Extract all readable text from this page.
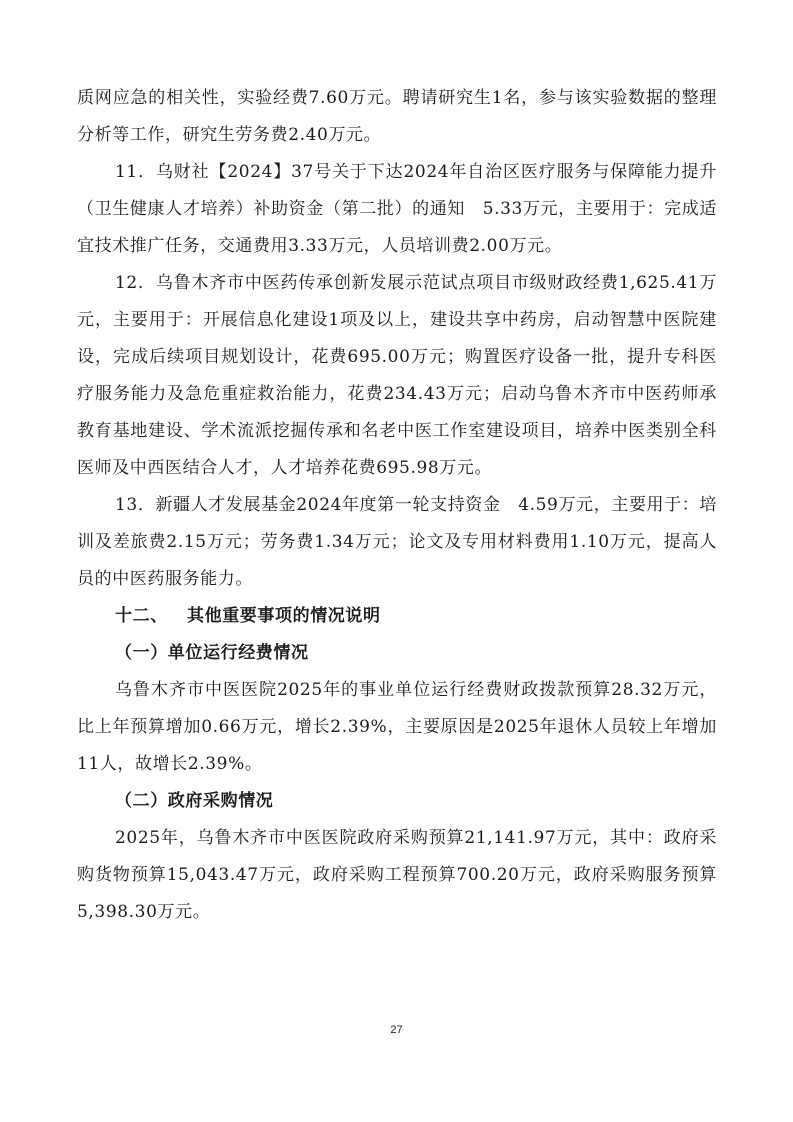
质网应急的相关性，实验经费7.60万元。聘请研究生1名，参与该实验数据的整理分析等工作，研究生劳务费2.40万元。

11．乌财社【2024】37号关于下达2024年自治区医疗服务与保障能力提升（卫生健康人才培养）补助资金（第二批）的通知　5.33万元，主要用于：完成适宜技术推广任务，交通费用3.33万元，人员培训费2.00万元。

12．乌鲁木齐市中医药传承创新发展示范试点项目市级财政经费1,625.41万元，主要用于：开展信息化建设1项及以上，建设共享中药房，启动智慧中医院建设，完成后续项目规划设计，花费695.00万元；购置医疗设备一批，提升专科医疗服务能力及急危重症救治能力，花费234.43万元；启动乌鲁木齐市中医药师承教育基地建设、学术流派挖掘传承和名老中医工作室建设项目，培养中医类别全科医师及中西医结合人才，人才培养花费695.98万元。

13．新疆人才发展基金2024年度第一轮支持资金　4.59万元，主要用于：培训及差旅费2.15万元；劳务费1.34万元；论文及专用材料费用1.10万元，提高人员的中医药服务能力。

十二、 其他重要事项的情况说明
（一）单位运行经费情况

乌鲁木齐市中医医院2025年的事业单位运行经费财政拨款预算28.32万元，比上年预算增加0.66万元，增长2.39%，主要原因是2025年退休人员较上年增加11人，故增长2.39%。

（二）政府采购情况

2025年，乌鲁木齐市中医医院政府采购预算21,141.97万元，其中：政府采购货物预算15,043.47万元，政府采购工程预算700.20万元，政府采购服务预算5,398.30万元。

27
